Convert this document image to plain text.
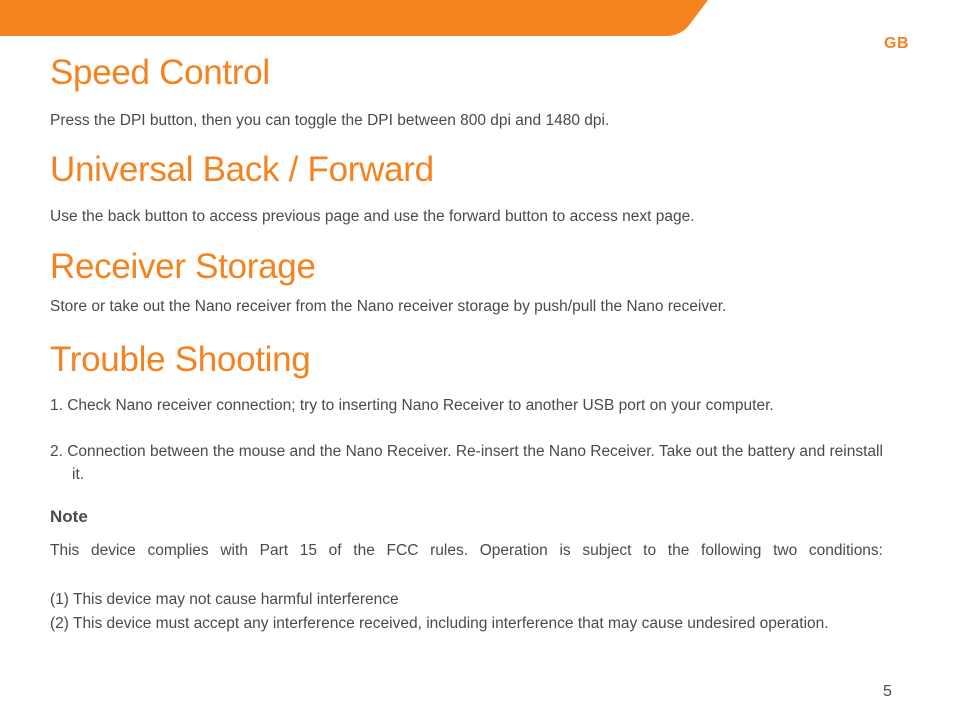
GB
Speed Control

Press the DPI button, then you can toggle the DPI between 800 dpi and 1480 dpi.

Universal Back / Forward

Use the back button to access previous page and use the forward button to access next page.

Receiver Storage

Store or take out the Nano receiver from the Nano receiver storage by push/pull the Nano receiver.

Trouble Shooting

1. Check Nano receiver connection; try to inserting Nano Receiver to another USB port on your computer.

2. Connection between the mouse and the Nano Receiver. Re-insert the Nano Receiver. Take out the battery and reinstall it.

Note

This device complies with Part 15 of the FCC rules. Operation is subject to the following two conditions:

(1) This device may not cause harmful interference

(2) This device must accept any interference received, including interference that may cause undesired operation.

5
